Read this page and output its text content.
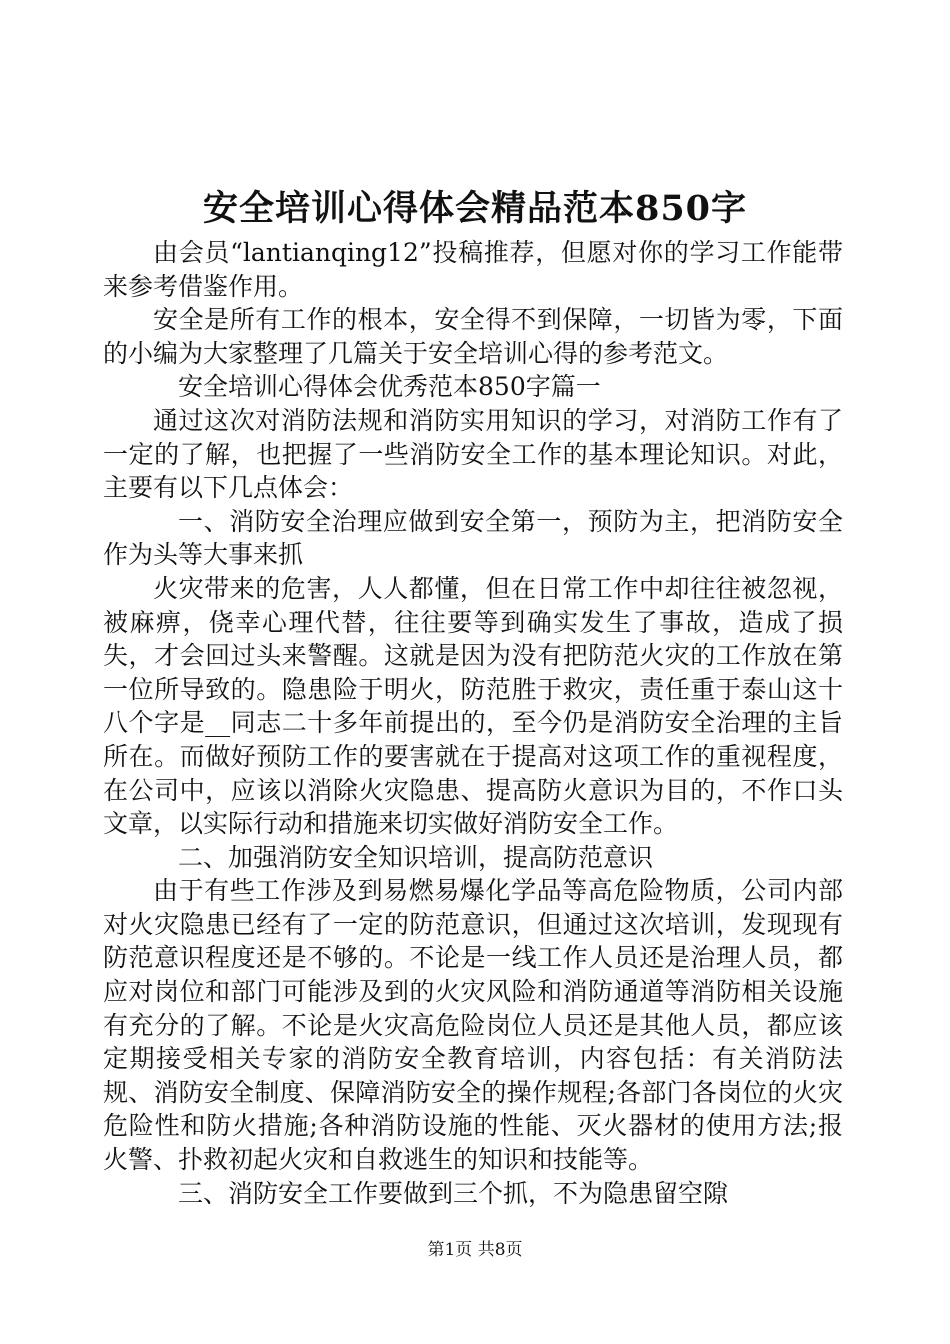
安全培训心得体会精品范本850字

由会员“lantianqing12”投稿推荐，但愿对你的学习工作能带来参考借鉴作用。

安全是所有工作的根本，安全得不到保障，一切皆为零，下面的小编为大家整理了几篇关于安全培训心得的参考范文。

安全培训心得体会优秀范本850字篇一

通过这次对消防法规和消防实用知识的学习，对消防工作有了一定的了解，也把握了一些消防安全工作的基本理论知识。对此，主要有以下几点体会：

一、消防安全治理应做到安全第一，预防为主，把消防安全作为头等大事来抓

火灾带来的危害，人人都懂，但在日常工作中却往往被忽视，被麻痹，侥幸心理代替，往往要等到确实发生了事故，造成了损失，才会回过头来警醒。这就是因为没有把防范火灾的工作放在第一位所导致的。隐患险于明火，防范胜于救灾，责任重于泰山这十八个字是__同志二十多年前提出的，至今仍是消防安全治理的主旨所在。而做好预防工作的要害就在于提高对这项工作的重视程度，在公司中，应该以消除火灾隐患、提高防火意识为目的，不作口头文章，以实际行动和措施来切实做好消防安全工作。

二、加强消防安全知识培训，提高防范意识

由于有些工作涉及到易燃易爆化学品等高危险物质，公司内部对火灾隐患已经有了一定的防范意识，但通过这次培训，发现现有防范意识程度还是不够的。不论是一线工作人员还是治理人员，都应对岗位和部门可能涉及到的火灾风险和消防通道等消防相关设施有充分的了解。不论是火灾高危险岗位人员还是其他人员，都应该定期接受相关专家的消防安全教育培训，内容包括：有关消防法规、消防安全制度、保障消防安全的操作规程;各部门各岗位的火灾危险性和防火措施;各种消防设施的性能、灭火器材的使用方法;报火警、扑救初起火灾和自救逃生的知识和技能等。

三、消防安全工作要做到三个抓，不为隐患留空隙

第1页 共8页
